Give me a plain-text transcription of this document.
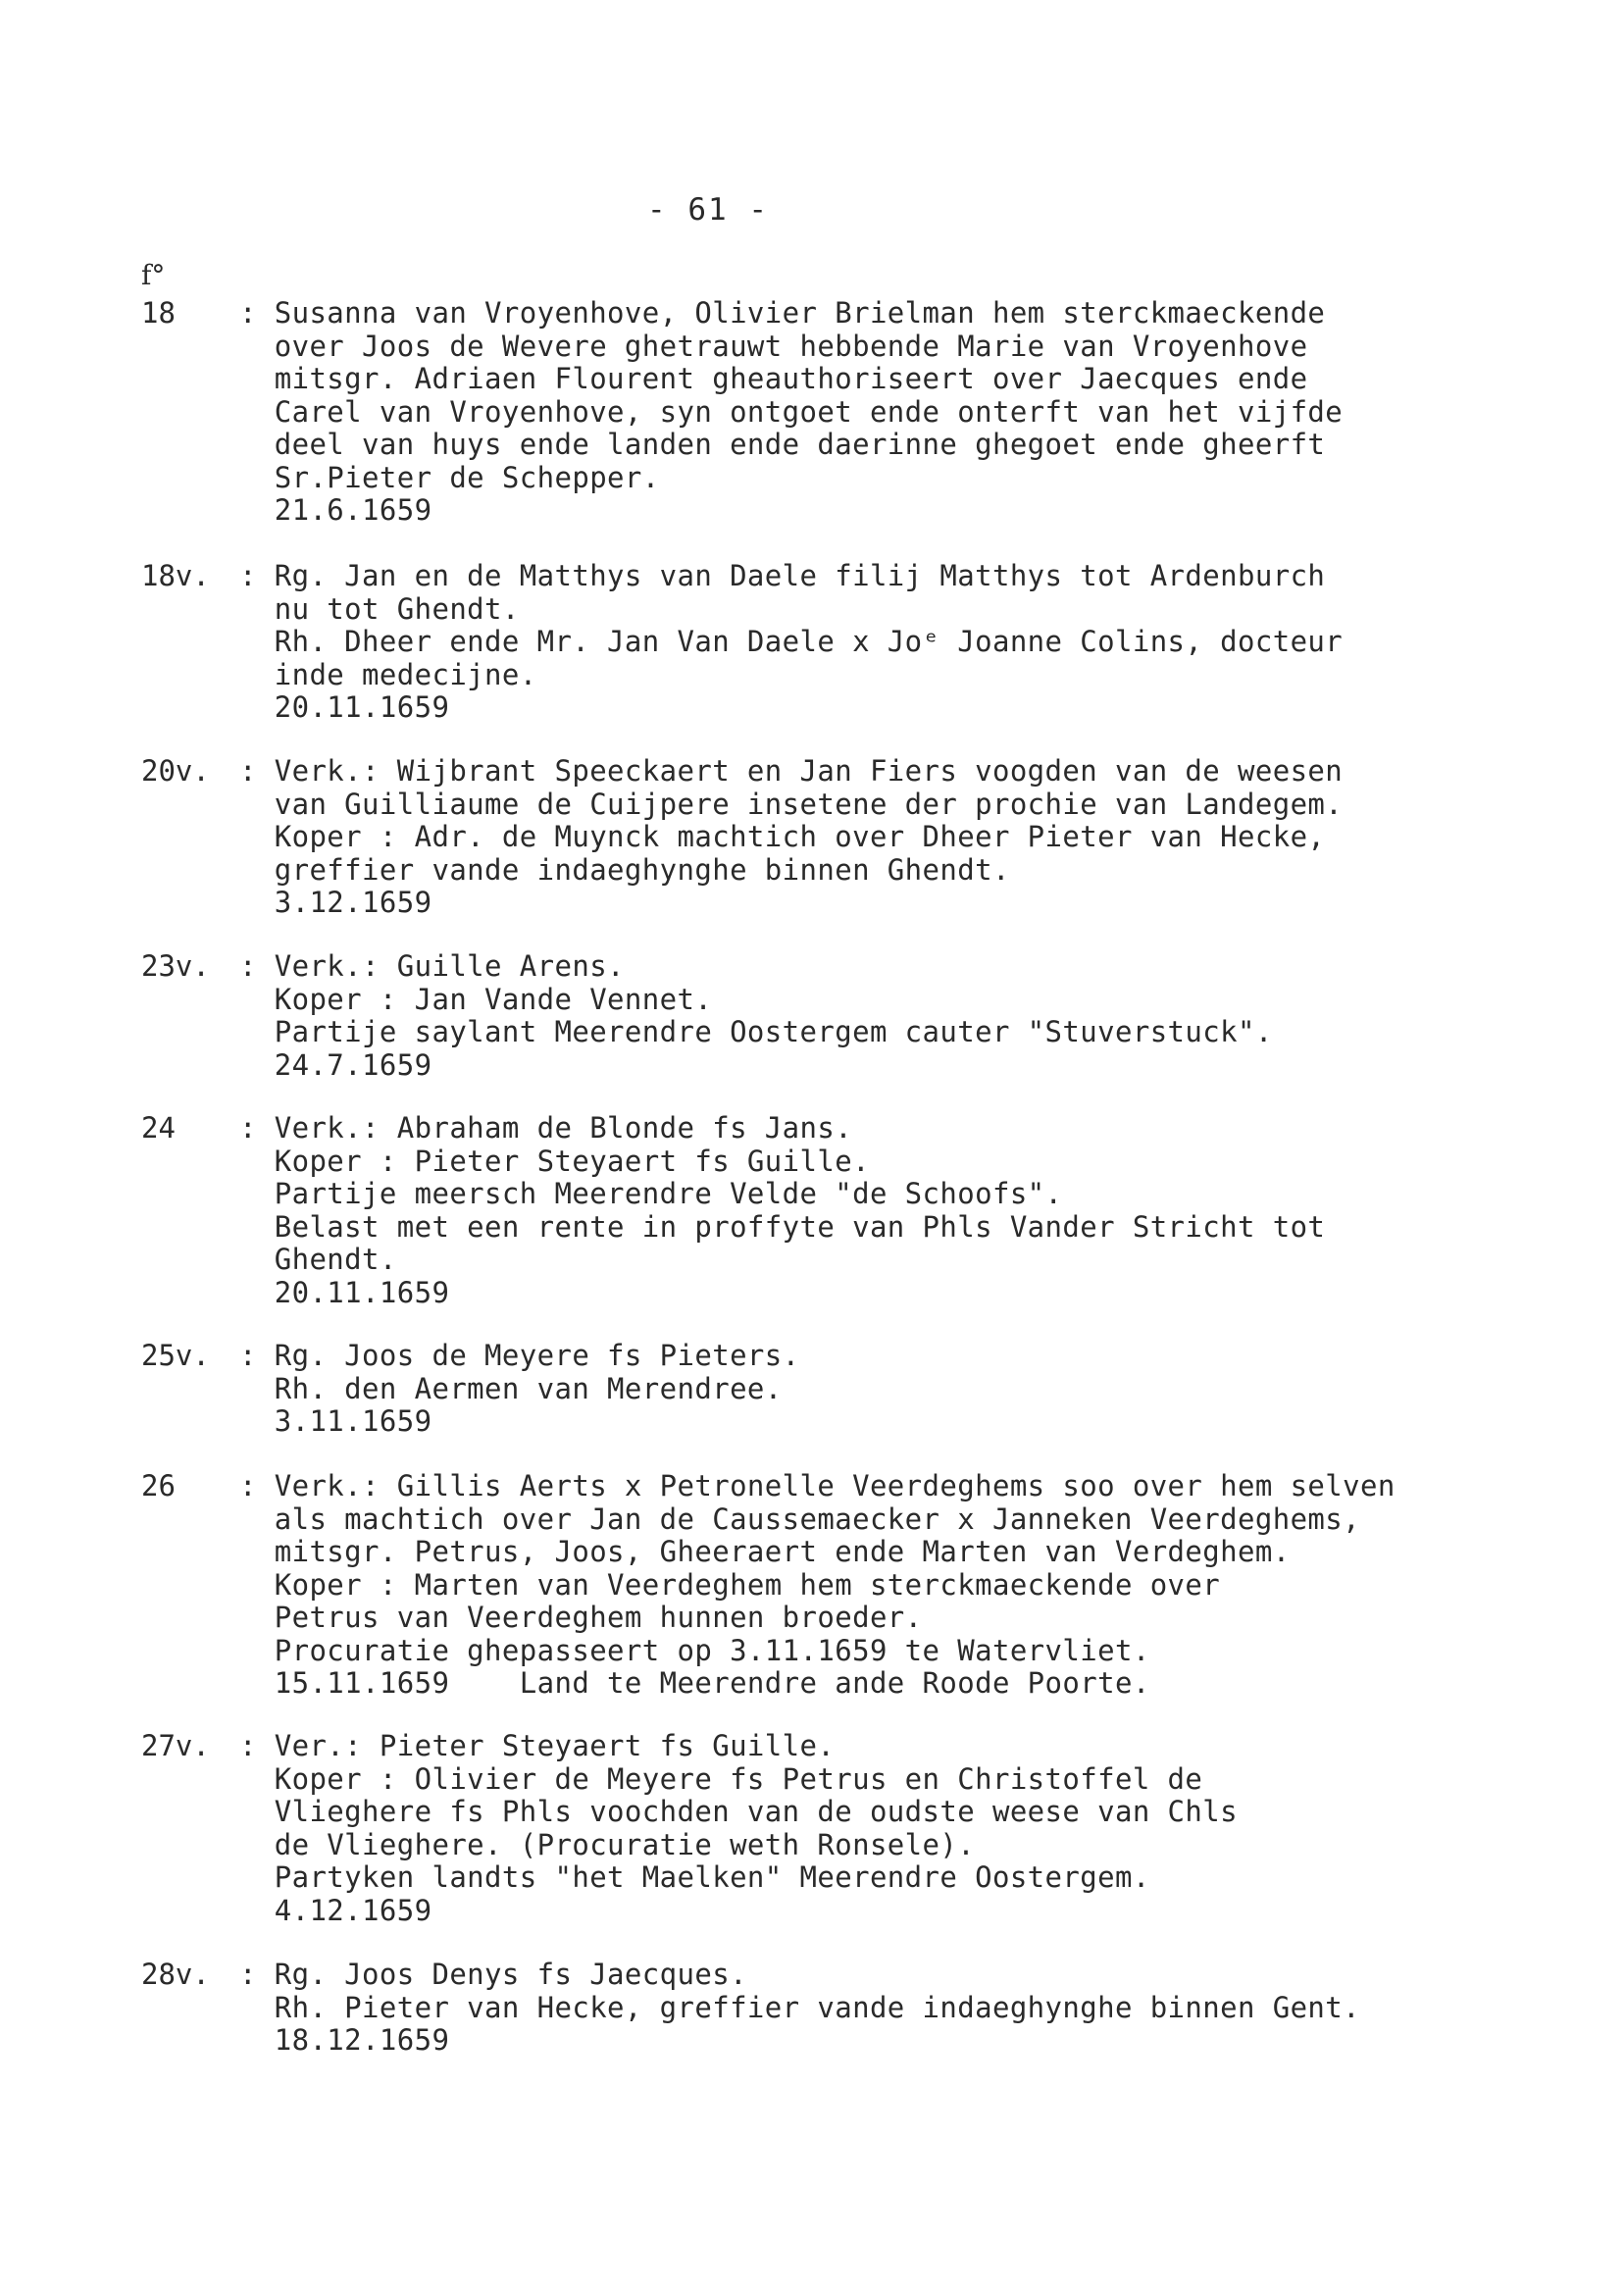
- 61 -
f°
18 : Susanna van Vroyenhove, Olivier Brielman hem sterckmaeckende
over Joos de Wevere ghetrauwt hebbende Marie van Vroyenhove
mitsgr. Adriaen Flourent gheauthoriseert over Jaecques ende
Carel van Vroyenhove, syn ontgoet ende onterft van het vijfde
deel van huys ende landen ende daerinne ghegoet ende gheerft
Sr.Pieter de Schepper.
21.6.1659
18v. : Rg. Jan en de Matthys van Daele filij Matthys tot Ardenburch
nu tot Ghendt.
Rh. Dheer ende Mr. Jan Van Daele x Joᵉ Joanne Colins, docteur
inde medecijne.
20.11.1659
20v. : Verk.: Wijbrant Speeckaert en Jan Fiers voogden van de weesen
van Guilliaume de Cuijpere insetene der prochie van Landegem.
Koper : Adr. de Muynck machtich over Dheer Pieter van Hecke,
greffier vande indaeghynghe binnen Ghendt.
3.12.1659
23v. : Verk.: Guille Arens.
Koper : Jan Vande Vennet.
Partije saylant Meerendre Oostergem cauter "Stuverstuck".
24.7.1659
24 : Verk.: Abraham de Blonde fs Jans.
Koper : Pieter Steyaert fs Guille.
Partije meersch Meerendre Velde "de Schoofs".
Belast met een rente in proffyte van Phls Vander Stricht tot
Ghendt.
20.11.1659
25v. : Rg. Joos de Meyere fs Pieters.
Rh. den Aermen van Merendree.
3.11.1659
26 : Verk.: Gillis Aerts x Petronelle Veerdeghems soo over hem selven
als machtich over Jan de Caussemaecker x Janneken Veerdeghems,
mitsgr. Petrus, Joos, Gheeraert ende Marten van Verdeghem.
Koper : Marten van Veerdeghem hem sterckmaeckende over
Petrus van Veerdeghem hunnen broeder.
Procuratie ghepasseert op 3.11.1659 te Watervliet.
15.11.1659    Land te Meerendre ande Roode Poorte.
27v. : Ver.: Pieter Steyaert fs Guille.
Koper : Olivier de Meyere fs Petrus en Christoffel de
Vlieghere fs Phls voochden van de oudste weese van Chls
de Vlieghere. (Procuratie weth Ronsele).
Partyken landts "het Maelken" Meerendre Oostergem.
4.12.1659
28v. : Rg. Joos Denys fs Jaecques.
Rh. Pieter van Hecke, greffier vande indaeghynghe binnen Gent.
18.12.1659
